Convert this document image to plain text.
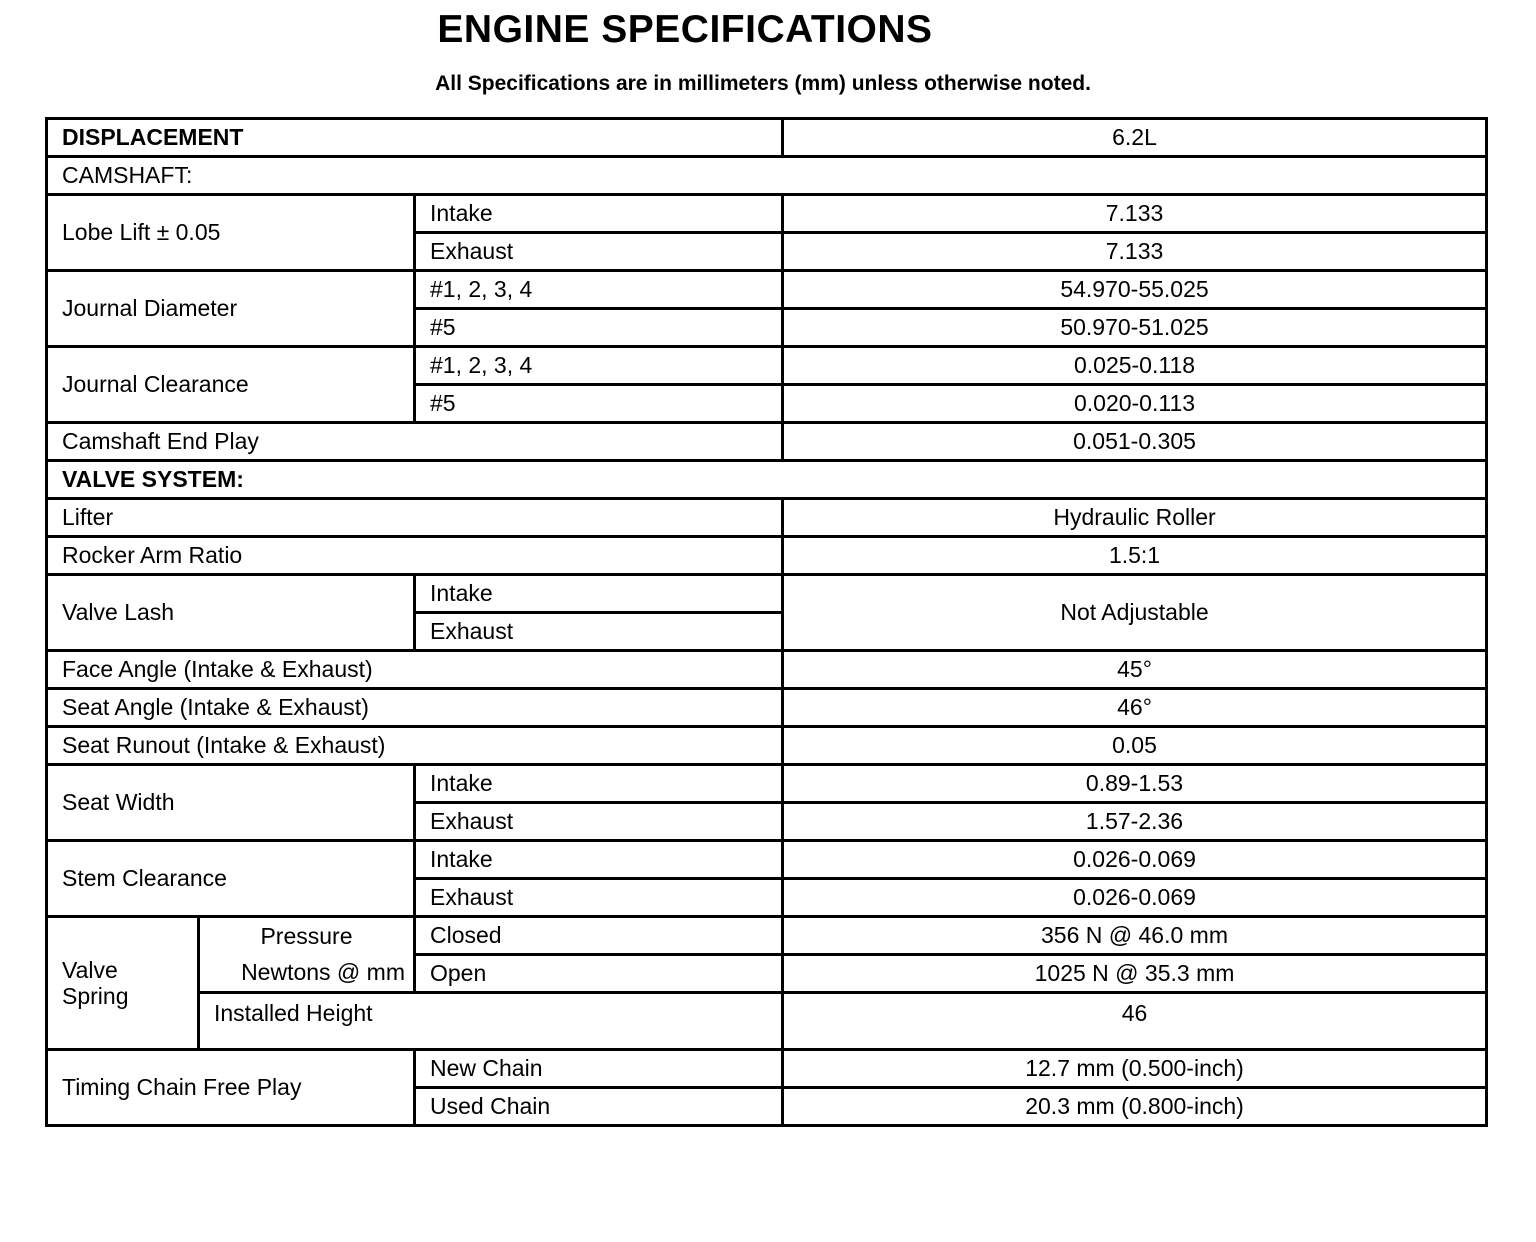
ENGINE SPECIFICATIONS
All Specifications are in millimeters (mm) unless otherwise noted.
DISPLACEMENT			6.2L
CAMSHAFT:			
Lobe Lift ± 0.05		Intake	7.133
		Exhaust	7.133
Journal Diameter		#1, 2, 3, 4	54.970-55.025
		#5	50.970-51.025
Journal Clearance		#1, 2, 3, 4	0.025-0.118
		#5	0.020-0.113
Camshaft End Play			0.051-0.305
VALVE SYSTEM:			
Lifter			Hydraulic Roller
Rocker Arm Ratio			1.5:1
Valve Lash		Intake	Not Adjustable
		Exhaust	
Face Angle (Intake & Exhaust)			45°
Seat Angle (Intake & Exhaust)			46°
Seat Runout (Intake & Exhaust)			0.05
Seat Width		Intake	0.89-1.53
		Exhaust	1.57-2.36
Stem Clearance		Intake	0.026-0.069
		Exhaust	0.026-0.069

Valve
Spring	Pressure	Closed	356 N @ 46.0 mm
	Newtons @ mm	Open	1025 N @ 35.3 mm
	Installed Height		46
Timing Chain Free Play		New Chain	12.7 mm (0.500-inch)
		Used Chain	20.3 mm (0.800-inch)
